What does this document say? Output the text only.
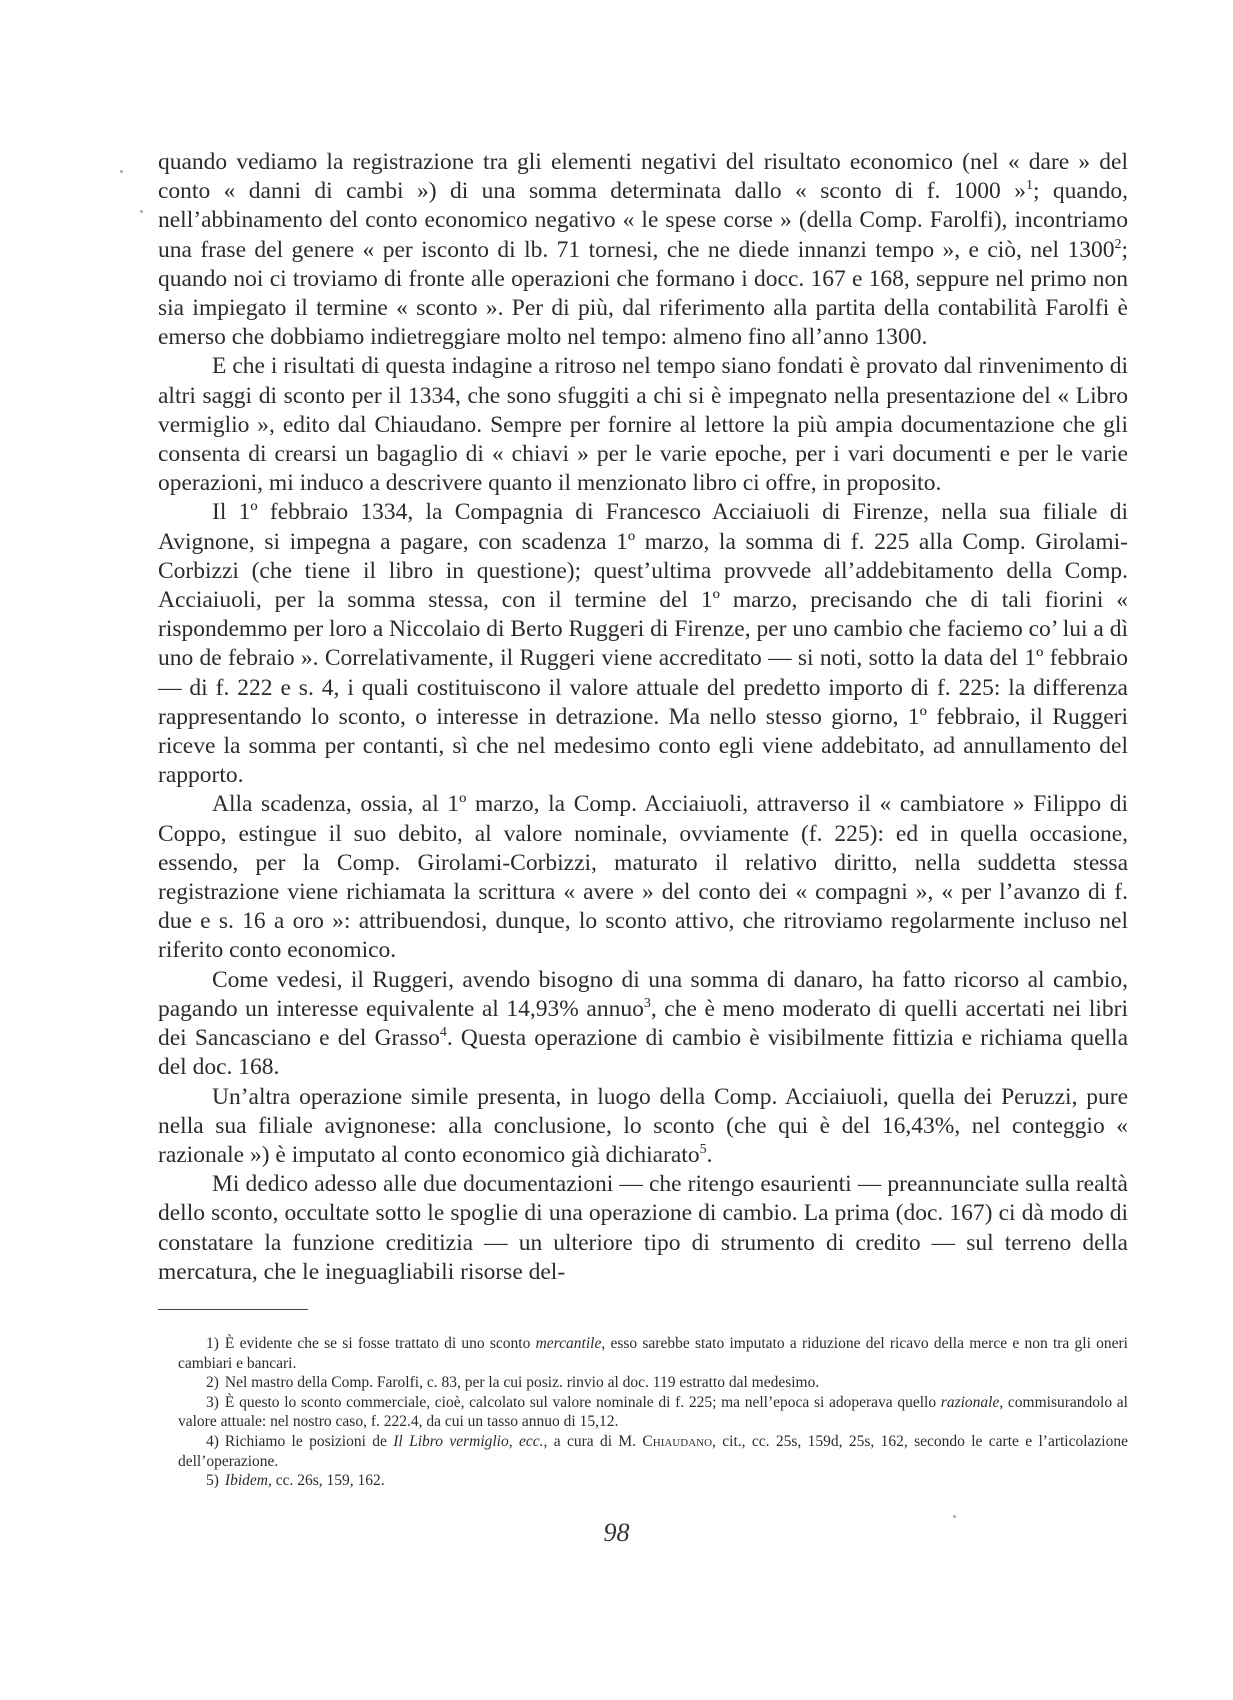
quando vediamo la registrazione tra gli elementi negativi del risultato economico (nel « dare » del conto « danni di cambi ») di una somma determinata dallo « sconto di f. 1000 »$^1$; quando, nell’abbinamento del conto economico negativo « le spese corse » (della Comp. Farolfi), incontriamo una frase del genere « per isconto di lb. 71 tornesi, che ne diede innanzi tempo », e ciò, nel 1300$^2$; quando noi ci troviamo di fronte alle operazioni che formano i docc. 167 e 168, seppure nel primo non sia impiegato il termine « sconto ». Per di più, dal riferimento alla partita della contabilità Farolfi è emerso che dobbiamo indietreggiare molto nel tempo: almeno fino all’anno 1300.

E che i risultati di questa indagine a ritroso nel tempo siano fondati è provato dal rinvenimento di altri saggi di sconto per il 1334, che sono sfuggiti a chi si è impegnato nella presentazione del « Libro vermiglio », edito dal Chiaudano. Sempre per fornire al lettore la più ampia documentazione che gli consenta di crearsi un bagaglio di « chiavi » per le varie epoche, per i vari documenti e per le varie operazioni, mi induco a descrivere quanto il menzionato libro ci offre, in proposito.

Il 1º febbraio 1334, la Compagnia di Francesco Acciaiuoli di Firenze, nella sua filiale di Avignone, si impegna a pagare, con scadenza 1º marzo, la somma di f. 225 alla Comp. Girolami-Corbizzi (che tiene il libro in questione); quest’ultima provvede all’addebitamento della Comp. Acciaiuoli, per la somma stessa, con il termine del 1º marzo, precisando che di tali fiorini « rispondemmo per loro a Niccolaio di Berto Ruggeri di Firenze, per uno cambio che faciemo co’ lui a dì uno de febraio ». Correlativamente, il Ruggeri viene accreditato — si noti, sotto la data del 1º febbraio — di f. 222 e s. 4, i quali costituiscono il valore attuale del predetto importo di f. 225: la differenza rappresentando lo sconto, o interesse in detrazione. Ma nello stesso giorno, 1º febbraio, il Ruggeri riceve la somma per contanti, sì che nel medesimo conto egli viene addebitato, ad annullamento del rapporto.

Alla scadenza, ossia, al 1º marzo, la Comp. Acciaiuoli, attraverso il « cambiatore » Filippo di Coppo, estingue il suo debito, al valore nominale, ovviamente (f. 225): ed in quella occasione, essendo, per la Comp. Girolami-Corbizzi, maturato il relativo diritto, nella suddetta stessa registrazione viene richiamata la scrittura « avere » del conto dei « compagni », « per l’avanzo di f. due e s. 16 a oro »: attribuendosi, dunque, lo sconto attivo, che ritroviamo regolarmente incluso nel riferito conto economico.

Come vedesi, il Ruggeri, avendo bisogno di una somma di danaro, ha fatto ricorso al cambio, pagando un interesse equivalente al 14,93% annuo$^3$, che è meno moderato di quelli accertati nei libri dei Sancasciano e del Grasso$^4$. Questa operazione di cambio è visibilmente fittizia e richiama quella del doc. 168.

Un’altra operazione simile presenta, in luogo della Comp. Acciaiuoli, quella dei Peruzzi, pure nella sua filiale avignonese: alla conclusione, lo sconto (che qui è del 16,43%, nel conteggio « razionale ») è imputato al conto economico già dichiarato$^5$.

Mi dedico adesso alle due documentazioni — che ritengo esaurienti — preannunciate sulla realtà dello sconto, occultate sotto le spoglie di una operazione di cambio. La prima (doc. 167) ci dà modo di constatare la funzione creditizia — un ulteriore tipo di strumento di credito — sul terreno della mercatura, che le ineguagliabili risorse del-

1) È evidente che se si fosse trattato di uno sconto mercantile, esso sarebbe stato imputato a riduzione del ricavo della merce e non tra gli oneri cambiari e bancari.

2) Nel mastro della Comp. Farolfi, c. 83, per la cui posiz. rinvio al doc. 119 estratto dal medesimo.

3) È questo lo sconto commerciale, cioè, calcolato sul valore nominale di f. 225; ma nell’epoca si adoperava quello razionale, commisurandolo al valore attuale: nel nostro caso, f. 222.4, da cui un tasso annuo di 15,12.

4) Richiamo le posizioni de Il Libro vermiglio, ecc., a cura di M. Chiaudano, cit., cc. 25s, 159d, 25s, 162, secondo le carte e l’articolazione dell’operazione.

5) Ibidem, cc. 26s, 159, 162.

98
